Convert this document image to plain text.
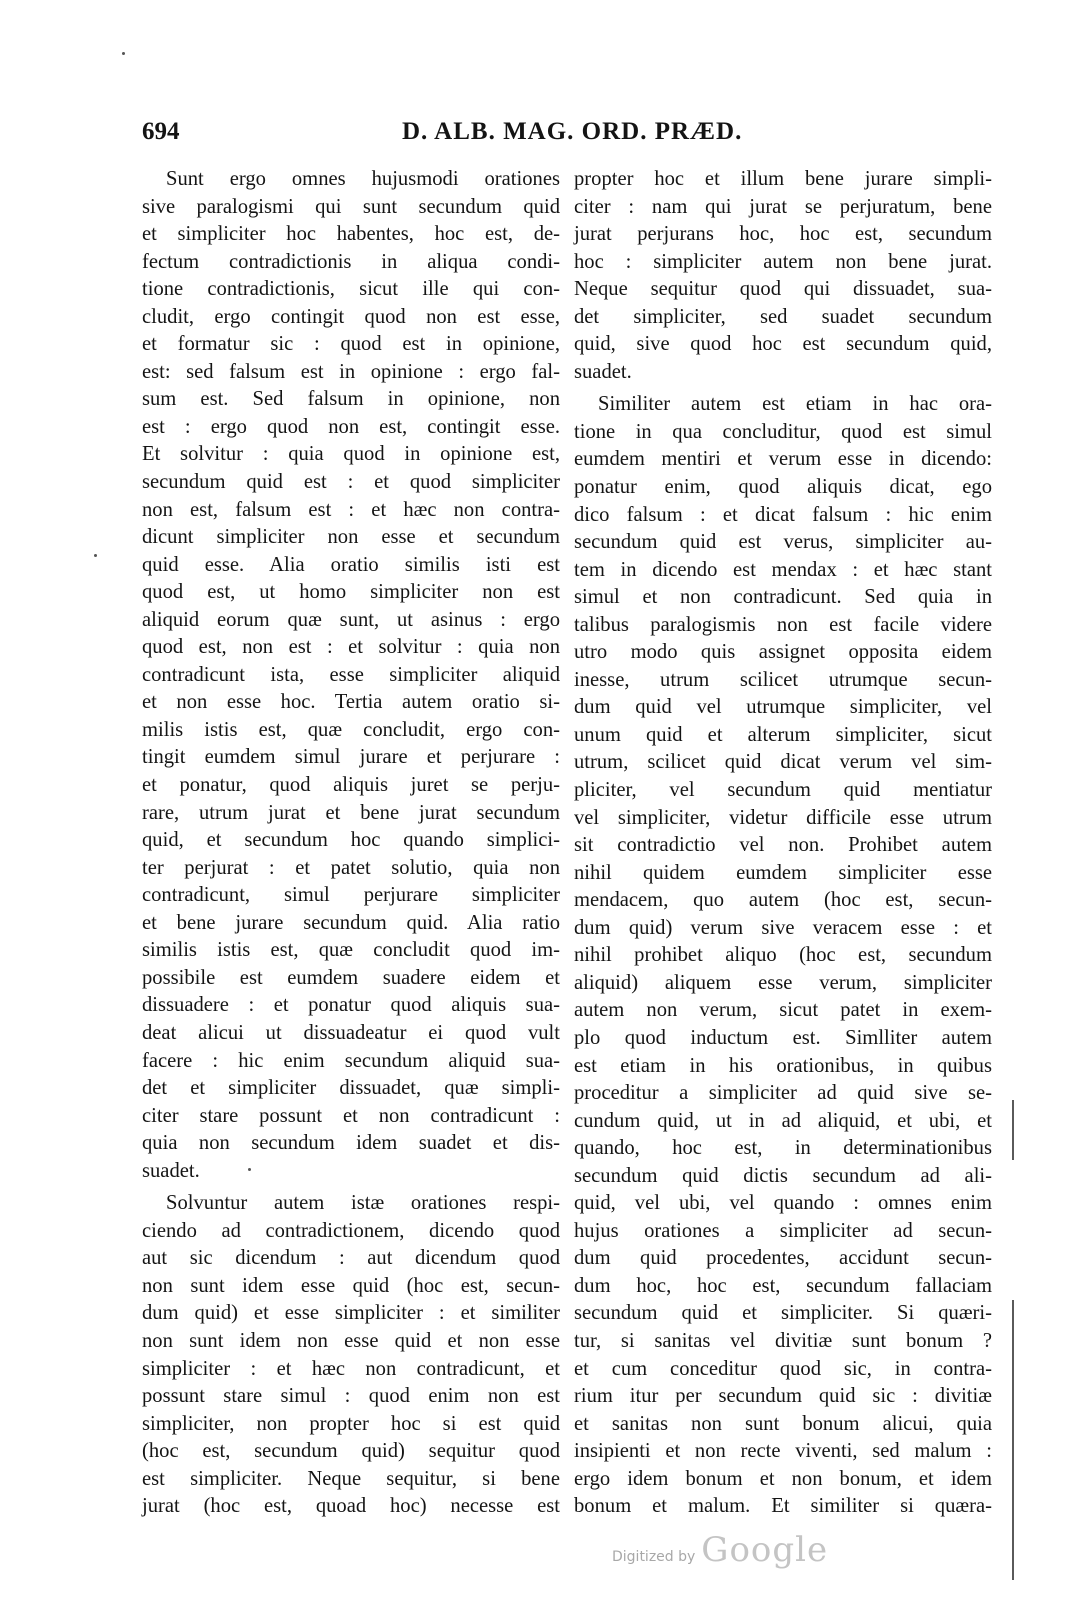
694	D. ALB. MAG. ORD. PRÆD.
Sunt ergo omnes hujusmodi orationes
sive paralogismi qui sunt secundum quid
et simpliciter hoc habentes, hoc est, de-
fectum contradictionis in aliqua condi-
tione contradictionis, sicut ille qui con-
cludit, ergo contingit quod non est esse,
et formatur sic : quod est in opinione,
est: sed falsum est in opinione : ergo fal-
sum est. Sed falsum in opinione, non
est : ergo quod non est, contingit esse.
Et solvitur : quia quod in opinione est,
secundum quid est : et quod simpliciter
non est, falsum est : et hæc non contra-
dicunt simpliciter non esse et secundum
quid esse. Alia oratio similis isti est
quod est, ut homo simpliciter non est
aliquid eorum quæ sunt, ut asinus : ergo
quod est, non est : et solvitur : quia non
contradicunt ista, esse simpliciter aliquid
et non esse hoc. Tertia autem oratio si-
milis istis est, quæ concludit, ergo con-
tingit eumdem simul jurare et perjurare :
et ponatur, quod aliquis juret se perju-
rare, utrum jurat et bene jurat secundum
quid, et secundum hoc quando simplici-
ter perjurat : et patet solutio, quia non
contradicunt, simul perjurare simpliciter
et bene jurare secundum quid. Alia ratio
similis istis est, quæ concludit quod im-
possibile est eumdem suadere eidem et
dissuadere : et ponatur quod aliquis sua-
deat alicui ut dissuadeatur ei quod vult
facere : hic enim secundum aliquid sua-
det et simpliciter dissuadet, quæ simpli-
citer stare possunt et non contradicunt :
quia non secundum idem suadet et dis-
suadet.
Solvuntur autem istæ orationes respi-
ciendo ad contradictionem, dicendo quod
aut sic dicendum : aut dicendum quod
non sunt idem esse quid (hoc est, secun-
dum quid) et esse simpliciter : et similiter
non sunt idem non esse quid et non esse
simpliciter : et hæc non contradicunt, et
possunt stare simul : quod enim non est
simpliciter, non propter hoc si est quid
(hoc est, secundum quid) sequitur quod
est simpliciter. Neque sequitur, si bene
jurat (hoc est, quoad hoc) necesse est
propter hoc et illum bene jurare simpli-
citer : nam qui jurat se perjuratum, bene
jurat perjurans hoc, hoc est, secundum
hoc : simpliciter autem non bene jurat.
Neque sequitur quod qui dissuadet, sua-
det simpliciter, sed suadet secundum
quid, sive quod hoc est secundum quid,
suadet.
Similiter autem est etiam in hac ora-
tione in qua concluditur, quod est simul
eumdem mentiri et verum esse in dicendo:
ponatur enim, quod aliquis dicat, ego
dico falsum : et dicat falsum : hic enim
secundum quid est verus, simpliciter au-
tem in dicendo est mendax : et hæc stant
simul et non contradicunt. Sed quia in
talibus paralogismis non est facile videre
utro modo quis assignet opposita eidem
inesse, utrum scilicet utrumque secun-
dum quid vel utrumque simpliciter, vel
unum quid et alterum simpliciter, sicut
utrum, scilicet quid dicat verum vel sim-
pliciter, vel secundum quid mentiatur
vel simpliciter, videtur difficile esse utrum
sit contradictio vel non. Prohibet autem
nihil quidem eumdem simpliciter esse
mendacem, quo autem (hoc est, secun-
dum quid) verum sive veracem esse : et
nihil prohibet aliquo (hoc est, secundum
aliquid) aliquem esse verum, simpliciter
autem non verum, sicut patet in exem-
plo quod inductum est. Simlliter autem
est etiam in his orationibus, in quibus
proceditur a simpliciter ad quid sive se-
cundum quid, ut in ad aliquid, et ubi, et
quando, hoc est, in determinationibus
secundum quid dictis secundum ad ali-
quid, vel ubi, vel quando : omnes enim
hujus orationes a simpliciter ad secun-
dum quid procedentes, accidunt secun-
dum hoc, hoc est, secundum fallaciam
secundum quid et simpliciter. Si quæri-
tur, si sanitas vel divitiæ sunt bonum ?
et cum conceditur quod sic, in contra-
rium itur per secundum quid sic : divitiæ
et sanitas non sunt bonum alicui, quia
insipienti et non recte viventi, sed malum :
ergo idem bonum et non bonum, et idem
bonum et malum. Et similiter si quæra-
Digitized by Google
